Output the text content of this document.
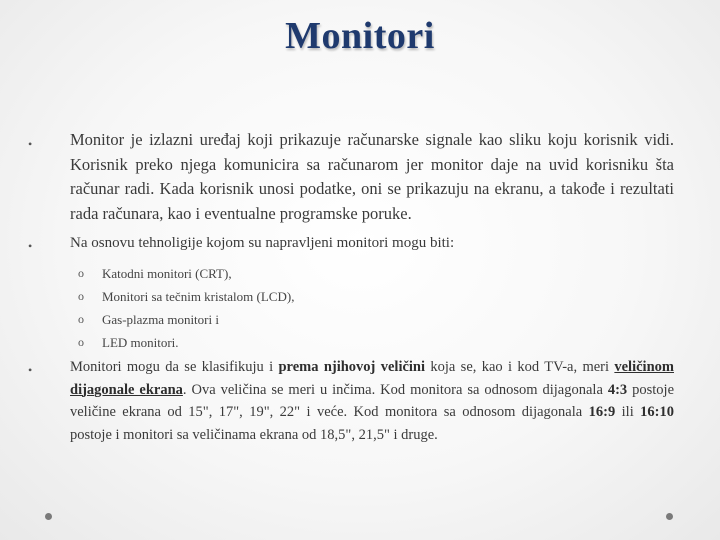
Monitori
• Monitor je izlazni uređaj koji prikazuje računarske signale kao sliku koju korisnik vidi. Korisnik preko njega komunicira sa računarom jer monitor daje na uvid korisniku šta računar radi. Kada korisnik unosi podatke, oni se prikazuju na ekranu, a takođe i rezultati rada računara, kao i eventualne programske poruke.
•	Na osnovu tehnoligije kojom su napravljeni monitori mogu biti:
o Katodni monitori (CRT),
o Monitori sa tečnim kristalom (LCD),
o Gas-plazma monitori i
o LED monitori.
•	Monitori mogu da se klasifikuju i prema njihovoj veličini koja se, kao i kod TV-a, meri veličinom dijagonale ekrana. Ova veličina se meri u inčima. Kod monitora sa odnosom dijagonala 4:3 postoje veličine ekrana od 15", 17", 19", 22" i veće. Kod monitora sa odnosom dijagonala 16:9 ili 16:10 postoje i monitori sa veličinama ekrana od 18,5", 21,5" i druge.
